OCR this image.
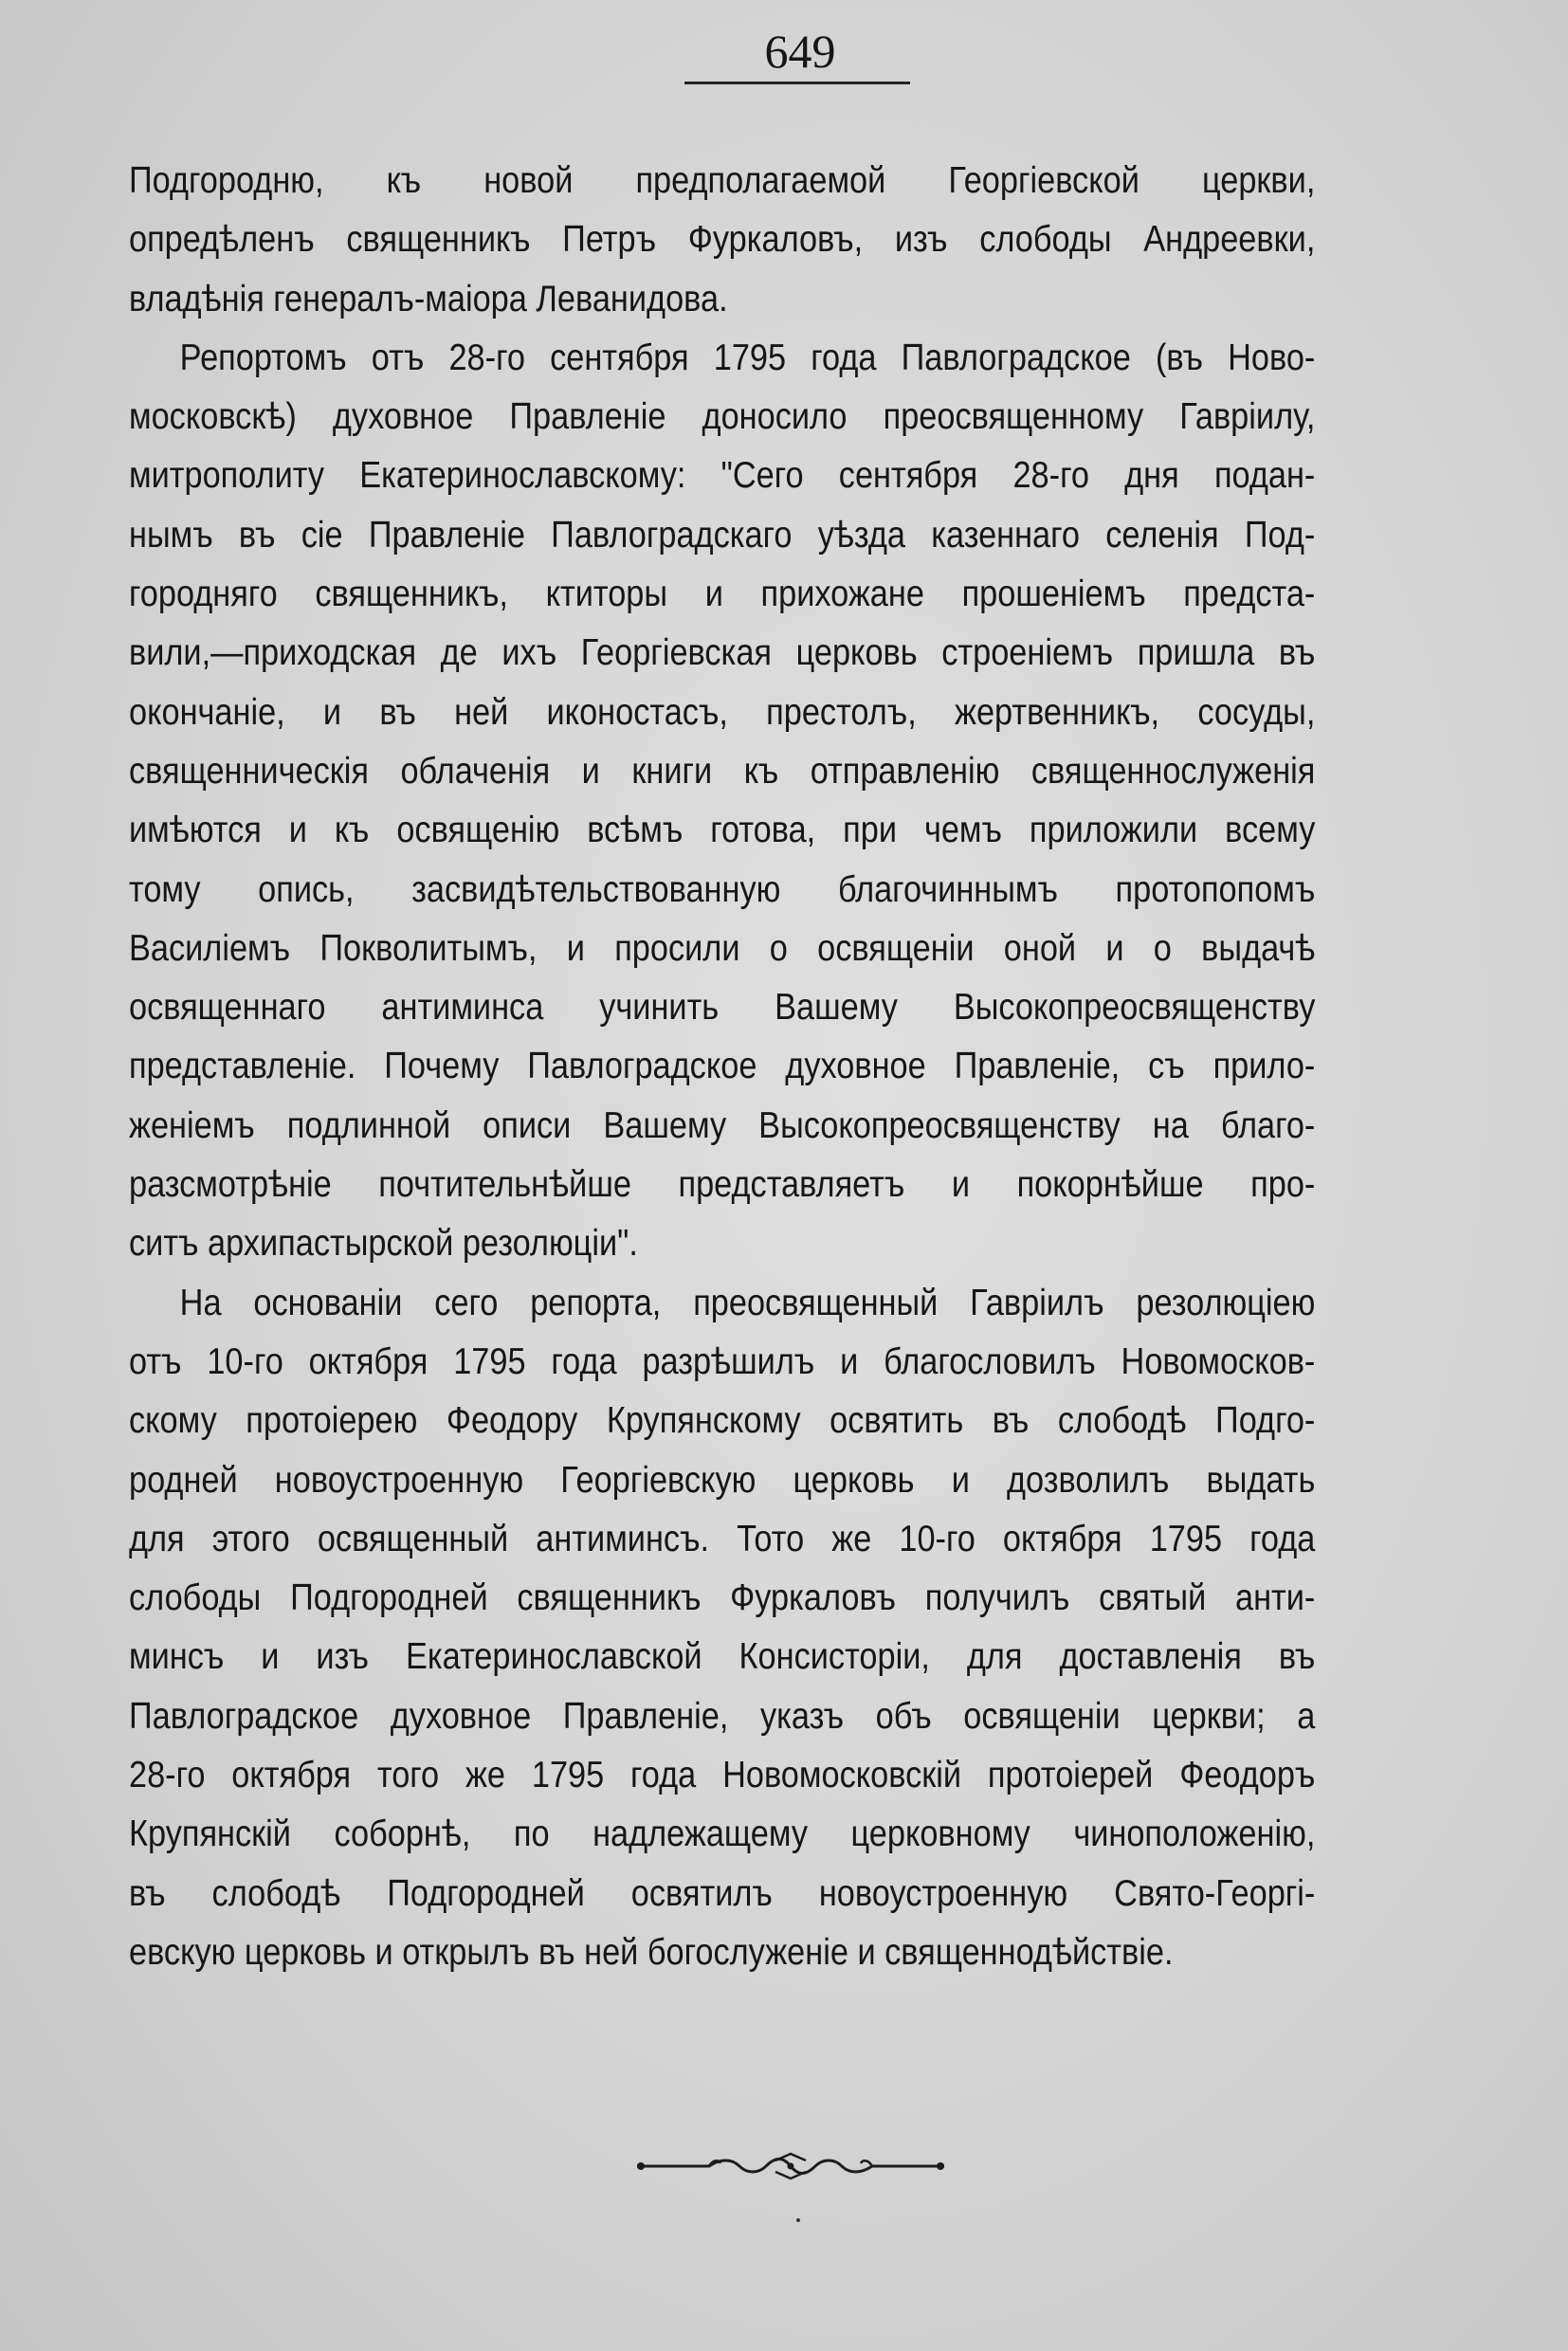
649
Подгородню, къ новой предполагаемой Георгіевской церкви,
опредѣленъ священникъ Петръ Фуркаловъ, изъ слободы Андреевки,
владѣнія генералъ-маіора Леванидова.
Репортомъ отъ 28-го сентября 1795 года Павлоградское (въ Ново-
московскѣ) духовное Правленіе доносило преосвященному Гавріилу,
митрополиту Екатеринославскому: "Сего сентября 28-го дня подан-
нымъ въ сіе Правленіе Павлоградскаго уѣзда казеннаго селенія Под-
городняго священникъ, ктиторы и прихожане прошеніемъ предста-
вили,—приходская де ихъ Георгіевская церковь строеніемъ пришла въ
окончаніе, и въ ней иконостасъ, престолъ, жертвенникъ, сосуды,
священническія облаченія и книги къ отправленію священнослуженія
имѣются и къ освященію всѣмъ готова, при чемъ приложили всему
тому опись, засвидѣтельствованную благочиннымъ протопопомъ
Василіемъ Покволитымъ, и просили о освященіи оной и о выдачѣ
освященнаго антиминса учинить Вашему Высокопреосвященству
представленіе. Почему Павлоградское духовное Правленіе, съ прило-
женіемъ подлинной описи Вашему Высокопреосвященству на благо-
разсмотрѣніе почтительнѣйше представляетъ и покорнѣйше про-
ситъ архипастырской резолюціи".
На основаніи сего репорта, преосвященный Гавріилъ резолюціею
отъ 10-го октября 1795 года разрѣшилъ и благословилъ Новомосков-
скому протоіерею Феодору Крупянскому освятить въ слободѣ Подго-
родней новоустроенную Георгіевскую церковь и дозволилъ выдать
для этого освященный антиминсъ. Тото же 10-го октября 1795 года
слободы Подгородней священникъ Фуркаловъ получилъ святый анти-
минсъ и изъ Екатеринославской Консисторіи, для доставленія въ
Павлоградское духовное Правленіе, указъ объ освященіи церкви; а
28-го октября того же 1795 года Новомосковскій протоіерей Феодоръ
Крупянскій соборнѣ, по надлежащему церковному чиноположенію,
въ слободѣ Подгородней освятилъ новоустроенную Свято-Георгі-
евскую церковь и открылъ въ ней богослуженіе и священнодѣйствіе.
